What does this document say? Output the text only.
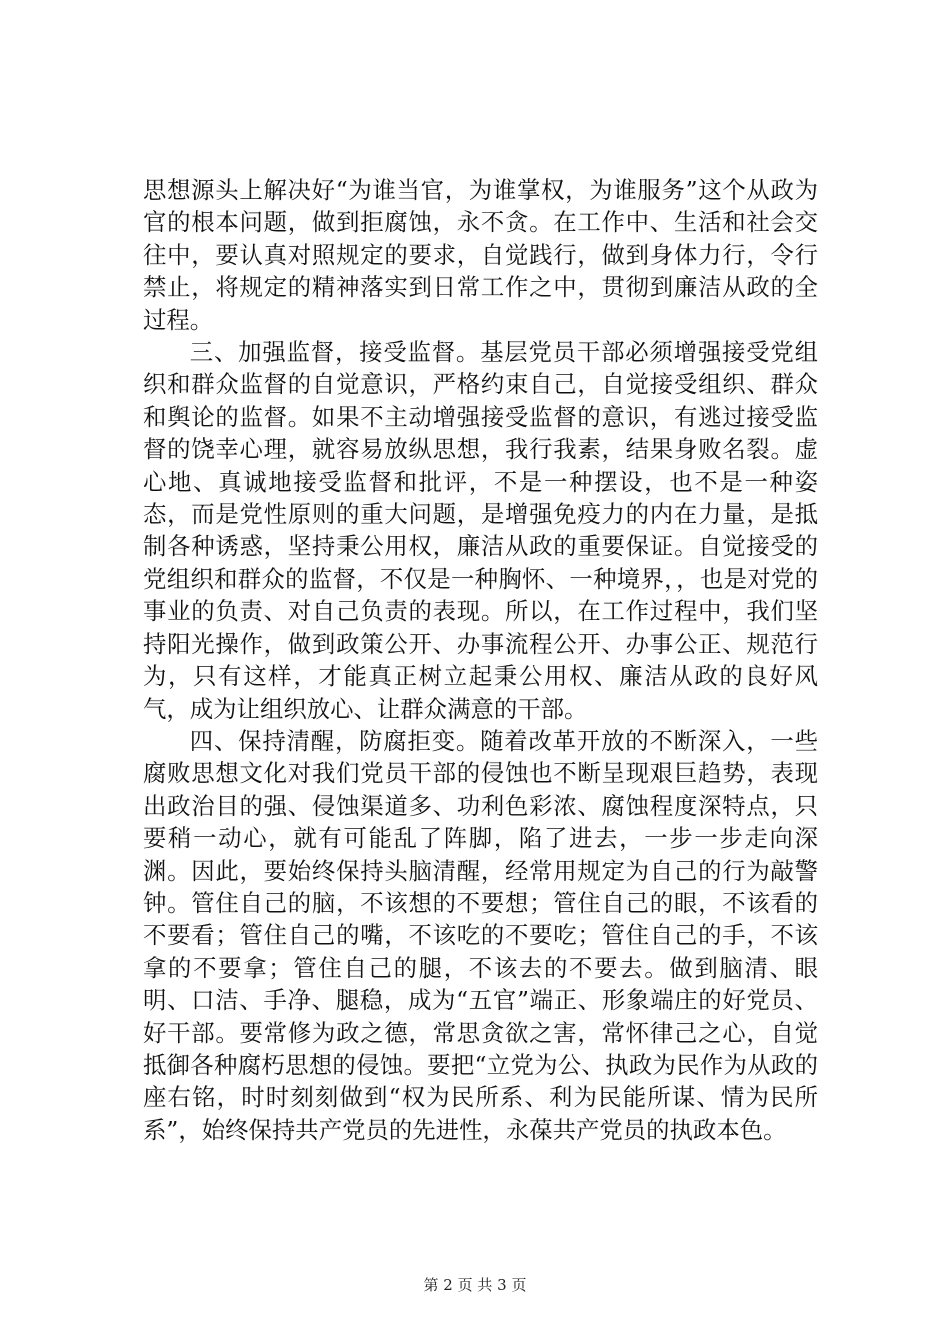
思想源头上解决好“为谁当官，为谁掌权，为谁服务”这个从政为官的根本问题，做到拒腐蚀，永不贪。在工作中、生活和社会交往中，要认真对照规定的要求，自觉践行，做到身体力行，令行禁止，将规定的精神落实到日常工作之中，贯彻到廉洁从政的全过程。

三、加强监督，接受监督。基层党员干部必须增强接受党组织和群众监督的自觉意识，严格约束自己，自觉接受组织、群众和舆论的监督。如果不主动增强接受监督的意识，有逃过接受监督的饶幸心理，就容易放纵思想，我行我素，结果身败名裂。虚心地、真诚地接受监督和批评，不是一种摆设，也不是一种姿态，而是党性原则的重大问题，是增强免疫力的内在力量，是抵制各种诱惑，坚持秉公用权，廉洁从政的重要保证。自觉接受的党组织和群众的监督，不仅是一种胸怀、一种境界，，也是对党的事业的负责、对自己负责的表现。所以，在工作过程中，我们坚持阳光操作，做到政策公开、办事流程公开、办事公正、规范行为，只有这样，才能真正树立起秉公用权、廉洁从政的良好风气，成为让组织放心、让群众满意的干部。

四、保持清醒，防腐拒变。随着改革开放的不断深入，一些腐败思想文化对我们党员干部的侵蚀也不断呈现艰巨趋势，表现出政治目的强、侵蚀渠道多、功利色彩浓、腐蚀程度深特点，只要稍一动心，就有可能乱了阵脚，陷了进去，一步一步走向深渊。因此，要始终保持头脑清醒，经常用规定为自己的行为敲警钟。管住自己的脑，不该想的不要想；管住自己的眼，不该看的不要看；管住自己的嘴，不该吃的不要吃；管住自己的手，不该拿的不要拿；管住自己的腿，不该去的不要去。做到脑清、眼明、口洁、手净、腿稳，成为“五官”端正、形象端庄的好党员、好干部。要常修为政之德，常思贪欲之害，常怀律己之心，自觉抵御各种腐朽思想的侵蚀。要把“立党为公、执政为民作为从政的座右铭，时时刻刻做到“权为民所系、利为民能所谋、情为民所系”，始终保持共产党员的先进性，永葆共产党员的执政本色。

第 2 页 共 3 页
